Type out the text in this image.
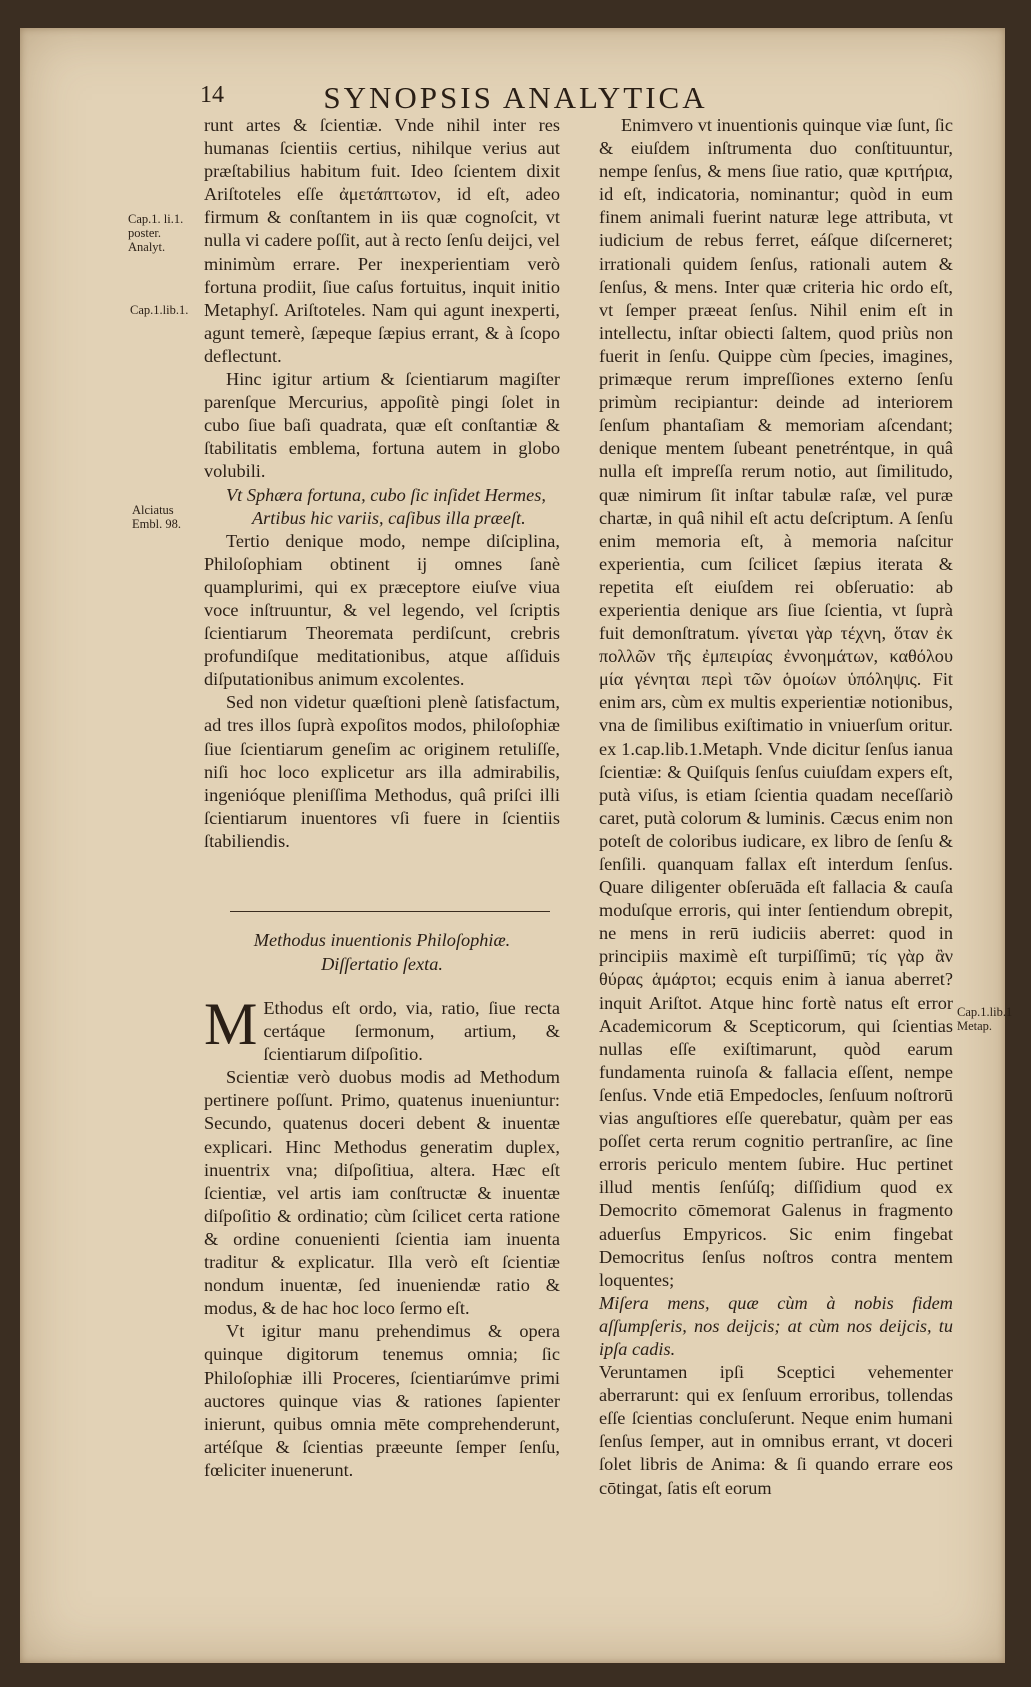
14	SYNOPSIS ANALYTICA
Cap.1. li.1. poster. Analyt.
Cap.1.lib.1.
Alciatus Embl. 98.
Cap.1.lib.1 Metap.

runt artes & ſcientiæ. Vnde nihil inter res humanas ſcientiis certius, nihilque verius aut præſtabilius habitum fuit. Ideo ſcientem dixit Ariſtoteles eſſe ἀμετάπτωτον, id eſt, adeo firmum & conſtantem in iis quæ cognoſcit, vt nulla vi cadere poſſit, aut à recto ſenſu deijci, vel minimùm errare. Per inexperientiam verò fortuna prodiit, ſiue caſus fortuitus, inquit initio Metaphyſ. Ariſtoteles. Nam qui agunt inexperti, agunt temerè, ſæpeque ſæpius errant, & à ſcopo deflectunt.

Hinc igitur artium & ſcientiarum magiſter parenſque Mercurius, appoſitè pingi ſolet in cubo ſiue baſi quadrata, quæ eſt conſtantiæ & ſtabilitatis emblema, fortuna autem in globo volubili.

Vt Sphæra fortuna, cubo ſic inſidet Hermes,
Artibus hic variis, caſibus illa præeſt.

Tertio denique modo, nempe diſciplina, Philoſophiam obtinent ij omnes ſanè quamplurimi, qui ex præceptore eiuſve viua voce inſtruuntur, & vel legendo, vel ſcriptis ſcientiarum Theoremata perdiſcunt, crebris profundiſque meditationibus, atque aſſiduis diſputationibus animum excolentes.

Sed non videtur quæſtioni plenè ſatisfactum, ad tres illos ſuprà expoſitos modos, philoſophiæ ſiue ſcientiarum geneſim ac originem retuliſſe, niſi hoc loco explicetur ars illa admirabilis, ingenióque pleniſſima Methodus, quâ priſci illi ſcientiarum inuentores vſi fuere in ſcientiis ſtabiliendis.

Methodus inuentionis Philoſophiæ.
Diſſertatio ſexta.

M Ethodus eſt ordo, via, ratio, ſiue recta certáque ſermonum, artium, & ſcientiarum diſpoſitio.

Scientiæ verò duobus modis ad Methodum pertinere poſſunt. Primo, quatenus inueniuntur: Secundo, quatenus doceri debent & inuentæ explicari. Hinc Methodus generatim duplex, inuentrix vna; diſpoſitiua, altera. Hæc eſt ſcientiæ, vel artis iam conſtructæ & inuentæ diſpoſitio & ordinatio; cùm ſcilicet certa ratione & ordine conuenienti ſcientia iam inuenta traditur & explicatur. Illa verò eſt ſcientiæ nondum inuentæ, ſed inueniendæ ratio & modus, & de hac hoc loco ſermo eſt.

Vt igitur manu prehendimus & opera quinque digitorum tenemus omnia; ſic Philoſophiæ illi Proceres, ſcientiarúmve primi auctores quinque vias & rationes ſapienter inierunt, quibus omnia mēte comprehenderunt, artéſque & ſcientias præeunte ſemper ſenſu, fœliciter inuenerunt.

Enimvero vt inuentionis quinque viæ ſunt, ſic & eiuſdem inſtrumenta duo conſtituuntur, nempe ſenſus, & mens ſiue ratio, quæ κριτήρια, id eſt, indicatoria, nominantur; quòd in eum finem animali fuerint naturæ lege attributa, vt iudicium de rebus ferret, eáſque diſcerneret; irrationali quidem ſenſus, rationali autem & ſenſus, & mens. Inter quæ criteria hic ordo eſt, vt ſemper præeat ſenſus. Nihil enim eſt in intellectu, inſtar obiecti ſaltem, quod priùs non fuerit in ſenſu. Quippe cùm ſpecies, imagines, primæque rerum impreſſiones externo ſenſu primùm recipiantur: deinde ad interiorem ſenſum phantaſiam & memoriam aſcendant; denique mentem ſubeant penetréntque, in quâ nulla eſt impreſſa rerum notio, aut ſimilitudo, quæ nimirum ſit inſtar tabulæ raſæ, vel puræ chartæ, in quâ nihil eſt actu deſcriptum. A ſenſu enim memoria eſt, à memoria naſcitur experientia, cum ſcilicet ſæpius iterata & repetita eſt eiuſdem rei obſeruatio: ab experientia denique ars ſiue ſcientia, vt ſuprà fuit demonſtratum. γίνεται γὰρ τέχνη, ὅταν ἐκ πολλῶν τῆς ἐμπειρίας ἐννοημάτων, καθόλου μία γένηται περὶ τῶν ὁμοίων ὑπόληψις. Fit enim ars, cùm ex multis experientiæ notionibus, vna de ſimilibus exiſtimatio in vniuerſum oritur. ex 1.cap.lib.1.Metaph. Vnde dicitur ſenſus ianua ſcientiæ: & Quiſquis ſenſus cuiuſdam expers eſt, putà viſus, is etiam ſcientia quadam neceſſariò caret, putà colorum & luminis. Cæcus enim non poteſt de coloribus iudicare, ex libro de ſenſu & ſenſili. quanquam fallax eſt interdum ſenſus. Quare diligenter obſeruāda eſt fallacia & cauſa moduſque erroris, qui inter ſentiendum obrepit, ne mens in rerū iudiciis aberret: quod in principiis maximè eſt turpiſſimū; τίς γὰρ ἂν θύρας ἁμάρτοι; ecquis enim à ianua aberret? inquit Ariſtot. Atque hinc fortè natus eſt error Academicorum & Scepticorum, qui ſcientias nullas eſſe exiſtimarunt, quòd earum fundamenta ruinoſa & fallacia eſſent, nempe ſenſus. Vnde etiā Empedocles, ſenſuum noſtrorū vias anguſtiores eſſe querebatur, quàm per eas poſſet certa rerum cognitio pertranſire, ac ſine erroris periculo mentem ſubire. Huc pertinet illud mentis ſenſúſq; diſſidium quod ex Democrito cōmemorat Galenus in fragmento aduerſus Empyricos. Sic enim fingebat Democritus ſenſus noſtros contra mentem loquentes;

Miſera mens, quæ cùm à nobis fidem aſſumpſeris, nos deijcis; at cùm nos deijcis, tu ipſa cadis.

Veruntamen ipſi Sceptici vehementer aberrarunt: qui ex ſenſuum erroribus, tollendas eſſe ſcientias concluſerunt. Neque enim humani ſenſus ſemper, aut in omnibus errant, vt doceri ſolet libris de Anima: & ſi quando errare eos cōtingat, ſatis eſt eorum
